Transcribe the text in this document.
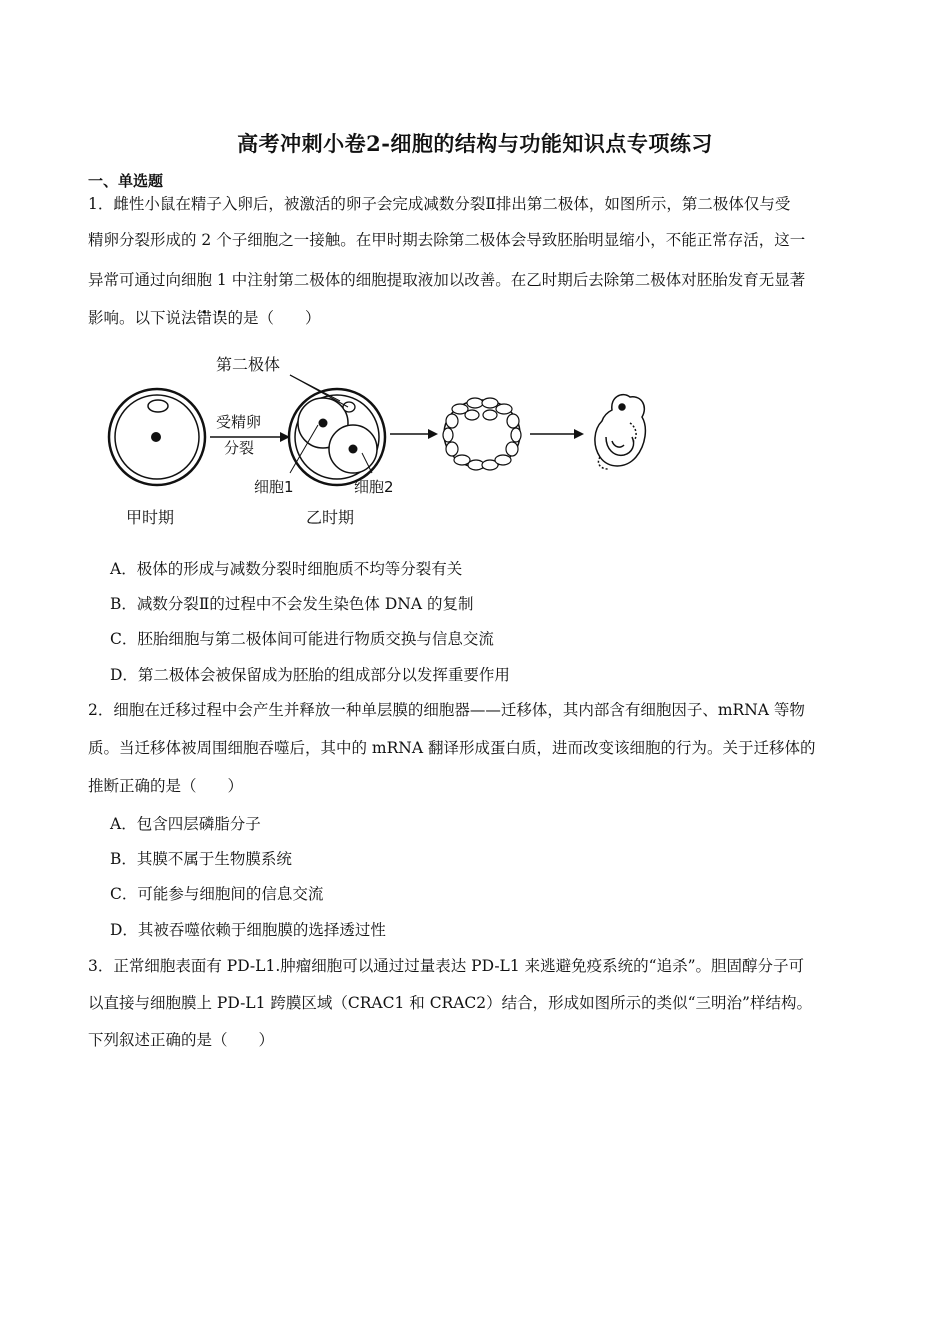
高考冲刺小卷2-细胞的结构与功能知识点专项练习
一、单选题
1．雌性小鼠在精子入卵后，被激活的卵子会完成减数分裂Ⅱ排出第二极体，如图所示，第二极体仅与受
精卵分裂形成的 2 个子细胞之一接触。在甲时期去除第二极体会导致胚胎明显缩小，不能正常存活，这一
异常可通过向细胞 1 中注射第二极体的细胞提取液加以改善。在乙时期后去除第二极体对胚胎发育无显著
影响。以下说法错误的是（　　）
受精卵
分裂
第二极体
细胞1	细胞2
甲时期	乙时期
A．极体的形成与减数分裂时细胞质不均等分裂有关
B．减数分裂Ⅱ的过程中不会发生染色体 DNA 的复制
C．胚胎细胞与第二极体间可能进行物质交换与信息交流
D．第二极体会被保留成为胚胎的组成部分以发挥重要作用
2．细胞在迁移过程中会产生并释放一种单层膜的细胞器——迁移体，其内部含有细胞因子、mRNA 等物
质。当迁移体被周围细胞吞噬后，其中的 mRNA 翻译形成蛋白质，进而改变该细胞的行为。关于迁移体的
推断正确的是（　　）
A．包含四层磷脂分子
B．其膜不属于生物膜系统
C．可能参与细胞间的信息交流
D．其被吞噬依赖于细胞膜的选择透过性
3．正常细胞表面有 PD-L1.肿瘤细胞可以通过过量表达 PD-L1 来逃避免疫系统的“追杀”。胆固醇分子可
以直接与细胞膜上 PD-L1 跨膜区域（CRAC1 和 CRAC2）结合，形成如图所示的类似“三明治”样结构。
下列叙述正确的是（　　）
